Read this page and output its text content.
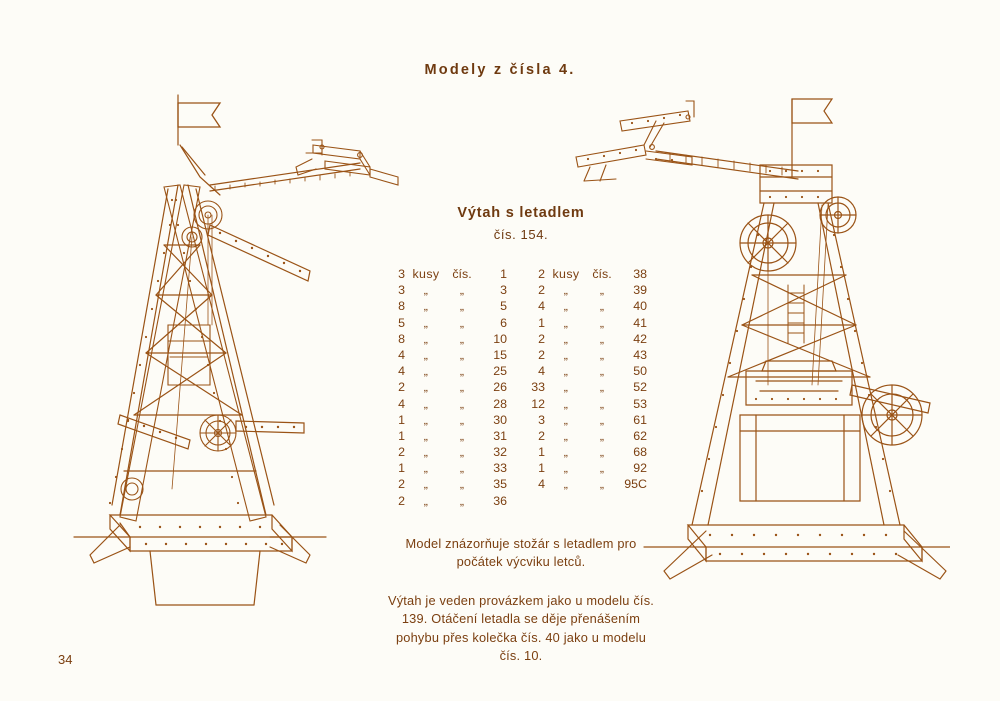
Modely z čísla 4.
Výtah s letadlem
čís. 154.
3 kusy	čís.	1
3	„	„	3
8	„	„	5
5	„	„	6
8	„	„	10
4	„	„	15
4	„	„	25
2	„	„	26
4	„	„	28
1	„	„	30
1	„	„	31
2	„	„	32
1	„	„	33
2	„	„	35
2	„	„	36
2 kusy	čís.	38
2	„	„	39
4	„	„	40
1	„	„	41
2	„	„	42
2	„	„	43
4	„	„	50
33	„	„	52
12	„	„	53
3	„	„	61
2	„	„	62
1	„	„	68
1	„	„	92
4	„	„	95C
Model znázorňuje stožár s letadlem pro počátek výcviku letců.
Výtah je veden provázkem jako u modelu čís. 139. Otáčení letadla se děje přenášením pohybu přes kolečka čís. 40 jako u modelu čís. 10.
34
